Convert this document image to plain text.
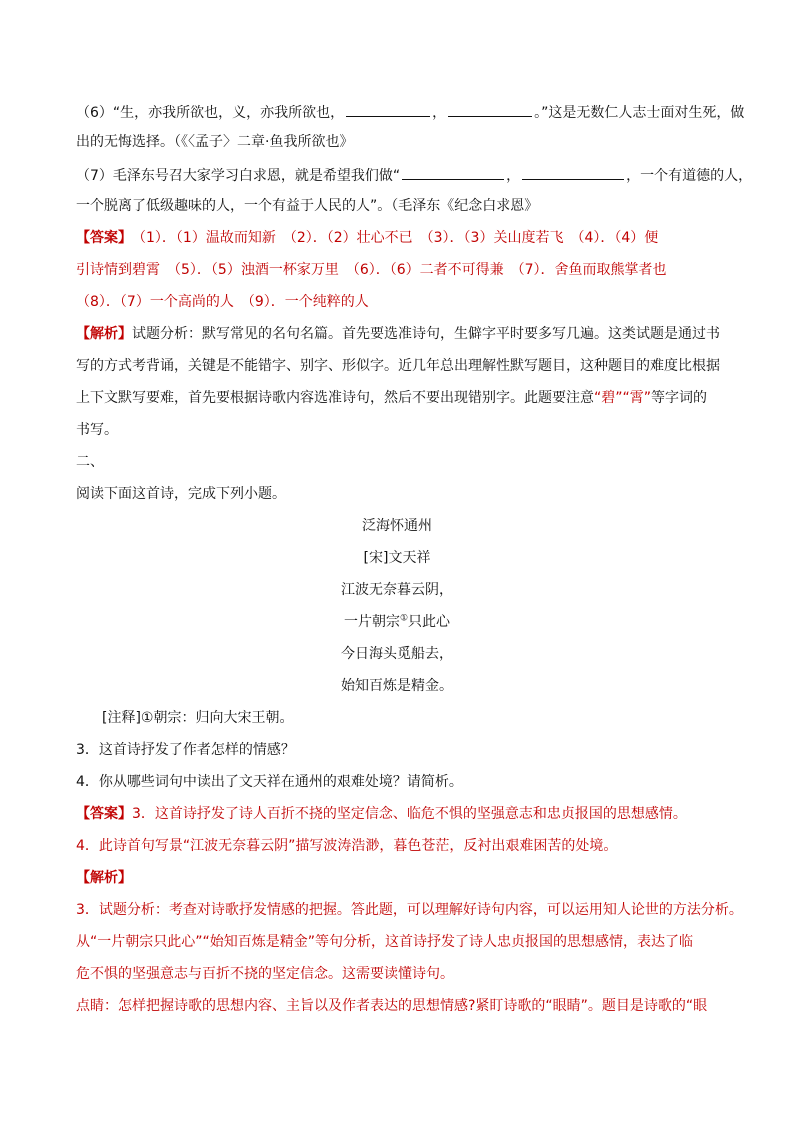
（6）“生，亦我所欲也，义，亦我所欲也，	，	。”这是无数仁人志士面对生死，做
出的无悔选择。（《〈孟子〉二章·鱼我所欲也》
（7）毛泽东号召大家学习白求恩，就是希望我们做“	，	，一个有道德的人，
一个脱离了低级趣味的人，一个有益于人民的人”。（毛泽东《纪念白求恩》
【答案】　 （1）．（1）温故而知新　（2）．（2）壮心不已　（3）．（3）关山度若飞　（4）．（4）便
引诗情到碧霄　（5）．（5）浊酒一杯家万里　（6）．（6）二者不可得兼　（7）．舍鱼而取熊掌者也
（8）．（7）一个高尚的人　（9）．一个纯粹的人
【解析】试题分析：默写常见的名句名篇。首先要选准诗句，生僻字平时要多写几遍。这类试题是通过书
写的方式考背诵，关键是不能错字、别字、形似字。近几年总出理解性默写题目，这种题目的难度比根据
上下文默写要难，首先要根据诗歌内容选准诗句，然后不要出现错别字。此题要注意“碧”“霄”等字词的
书写。
二、
阅读下面这首诗，完成下列小题。
泛海怀通州
[宋]文天祥
江波无奈暮云阴，
一片朝宗①只此心
今日海头觅船去，
始知百炼是精金。
[注释]①朝宗：归向大宋王朝。
3．这首诗抒发了作者怎样的情感？
4．你从哪些词句中读出了文天祥在通州的艰难处境？请简析。
【答案】3．这首诗抒发了诗人百折不挠的坚定信念、临危不惧的坚强意志和忠贞报国的思想感情。
4．此诗首句写景“江波无奈暮云阴”描写波涛浩渺，暮色苍茫，反衬出艰难困苦的处境。
【解析】
3．试题分析：考查对诗歌抒发情感的把握。答此题，可以理解好诗句内容，可以运用知人论世的方法分析。
从“一片朝宗只此心”“始知百炼是精金”等句分析，这首诗抒发了诗人忠贞报国的思想感情，表达了临
危不惧的坚强意志与百折不挠的坚定信念。这需要读懂诗句。
点睛：怎样把握诗歌的思想内容、主旨以及作者表达的思想情感?紧盯诗歌的“眼睛”。题目是诗歌的“眼
